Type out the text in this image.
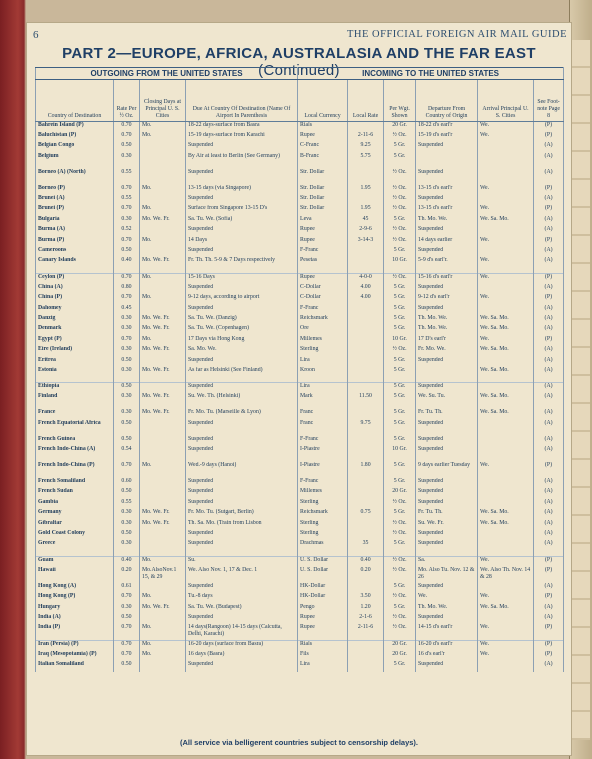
6	THE OFFICIAL FOREIGN AIR MAIL GUIDE
PART 2—EUROPE, AFRICA, AUSTRALASIA AND THE FAR EAST (Continued)
OUTGOING FROM THE UNITED STATES				INCOMING TO THE UNITED STATES					
Country of Destination	Rate Per ½ Oz.	Closing Days at Principal U. S. Cities	Due At Country Of Destination (Name Of Airport In Parenthesis	Local Currency	Local Rate	Per Wgt. Shown	Departure From Country of Origin	Arrival Principal U. S. Cities	See Foot-note Page 8
Bahrein Island (P)	0.70	Mo.	18-22 days-surface from Basra	Rials		20 Gr.	18-22 d's earl'r	We.	(P)
Baluchistan (P)	0.70	Mo.	15-19 days-surface from Karachi	Rupee	2-11-6	½ Oz.	15-19 d's earl'r	We.	(P)
Belgian Congo	0.50		Suspended	C-Franc	9.25	5 Gr.	Suspended		(A)
Belgium	0.30		By Air at least to Berlin (See Germany)	B-Franc	5.75	5 Gr.			(A)
Borneo (A) (North)	0.55		Suspended	Str. Dollar		½ Oz.	Suspended		(A)
Borneo (P)	0.70	Mo.	13-15 days (via Singapore)	Str. Dollar	1.95	½ Oz.	13-15 d's earl'r	We.	(P)
Brunei (A)	0.55		Suspended	Str. Dollar		½ Oz.	Suspended		(A)
Brunei (P)	0.70	Mo.	Surface from Singapore 13-15 D's	Str. Dollar	1.95	½ Oz.	13-15 d's earl'r	We.	(P)
Bulgaria	0.30	Mo. We. Fr.	Sa. Tu. We. (Sofia)	Leva	45	5 Gr.	Th. Mo. We.	We. Sa. Mo.	(A)
Burma (A)	0.52		Suspended	Rupee	2-9-6	½ Oz.	Suspended		(A)
Burma (P)	0.70	Mo.	14 Days	Rupee	3-14-3	½ Oz.	14 days earlier	We.	(P)
Cameroons	0.50		Suspended	F-Franc		5 Gr.	Suspended		(A)
Canary Islands	0.40	Mo. We. Fr.	Fr. Th. Th. 5-9 & 7 Days respectively	Pesetas		10 Gr.	5-9 d's earl'r.	We.	(A)
Ceylon (P)	0.70	Mo.	15-16 Days	Rupee	4-0-0	½ Oz.	15-16 d's earl'r	We.	(P)
China (A)	0.80		Suspended	C-Dollar	4.00	5 Gr.	Suspended		(A)
China (P)	0.70	Mo.	9-12 days, according to airport	C-Dollar	4.00	5 Gr.	9-12 d's earl'r	We.	(P)
Dahomey	0.45		Suspended	F-Franc		5 Gr.	Suspended		(A)
Danzig	0.30	Mo. We. Fr.	Sa. Tu. We. (Danzig)	Reichsmark		5 Gr.	Th. Mo. We.	We. Sa. Mo.	(A)
Denmark	0.30	Mo. We. Fr.	Sa. Tu. We. (Copenhagen)	Ore		5 Gr.	Th. Mo. We.	We. Sa. Mo.	(A)
Egypt (P)	0.70	Mo.	17 Days via Hong Kong	Millemes		10 Gr.	17 D's earl'r	We.	(P)
Eire (Ireland)	0.30	Mo. We. Fr.	Sa. Mo. We.	Sterling		½ Oz.	Fr. Mo. We.	We. Sa. Mo.	(A)
Eritrea	0.50		Suspended	Lira		5 Gr.	Suspended		(A)
Estonia	0.30	Mo. We. Fr.	As far as Helsinki (See Finland)	Kroon		5 Gr.		We. Sa. Mo.	(A)
Ethiopia	0.50		Suspended	Lira		5 Gr.	Suspended		(A)
Finland	0.30	Mo. We. Fr.	Su. We. Th. (Helsinki)	Mark	11.50	5 Gr.	We. Su. Tu.	We. Sa. Mo.	(A)
France	0.30	Mo. We. Fr.	Fr. Mo. Tu. (Marseille & Lyon)	Franc		5 Gr.	Fr. Tu. Th.	We. Sa. Mo.	(A)
French Equatorial Africa	0.50		Suspended	Franc	9.75	5 Gr.	Suspended		(A)
French Guinea	0.50		Suspended	F-Franc		5 Gr.	Suspended		(A)
French Indo-China (A)	0.54		Suspended	I-Piastre		10 Gr.	Suspended		(A)
French Indo-China (P)	0.70	Mo.	Wed.-9 days (Hanoi)	I-Piastre	1.80	5 Gr.	9 days earlier Tuesday	We.	(P)
French Somaliland	0.60		Suspended	F-Franc		5 Gr.	Suspended		(A)
French Sudan	0.50		Suspended	Millemes		20 Gr.	Suspended		(A)
Gambia	0.55		Suspended	Sterling		½ Oz.	Suspended		(A)
Germany	0.30	Mo. We. Fr.	Fr. Mo. Tu. (Sutgart, Berlin)	Reichsmark	0.75	5 Gr.	Fr. Tu. Th.	We. Sa. Mo.	(A)
Gibraltar	0.30	Mo. We. Fr.	Th. Sa. Mo. (Train from Lisbon	Sterling		½ Oz.	Su. We. Fr.	We. Sa. Mo.	(A)
Gold Coast Colony	0.50		Suspended	Sterling		½ Oz.	Suspended		(A)
Greece	0.30		Suspended	Drachmas	35	5 Gr.	Suspended		(A)
Guam	0.40	Mo.	Su.	U. S. Dollar	0.40	½ Oz.	Sa.	We.	(P)
Hawaii	0.20	Mo.AlsoNov.1 15, & 29	We. Also Nov. 1, 17 & Dec. 1	U. S. Dollar	0.20	½ Oz.	Mo. Also Tu. Nov. 12 & 26	We. Also Th. Nov. 14 & 28	(P)
Hong Kong (A)	0.61		Suspended	HK-Dollar		5 Gr.	Suspended		(A)
Hong Kong (P)	0.70	Mo.	Tu.-8 days	HK-Dollar	3.50	½ Oz.	We.	We.	(P)
Hungary	0.30	Mo. We. Fr.	Sa. Tu. We. (Budapest)	Pengo	1.20	5 Gr.	Th. Mo. We.	We. Sa. Mo.	(A)
India (A)	0.50		Suspended	Rupee	2-1-6	½ Oz.	Suspended		(A)
India (P)	0.70	Mo.	14 days(Rangoon) 14-15 days (Calcutta, Delhi, Karachi)	Rupee	2-11-6	½ Oz.	14-15 d's earl'r	We.	(P)
Iran (Persia) (P)	0.70	Mo.	16-20 days (surface from Basra)	Rials		20 Gr.	16-20 d's earl'r	We.	(P)
Iraq (Mesopotamia) (P)	0.70	Mo.	16 days (Basra)	Fils		20 Gr.	16 d's earl'r	We.	(P)
Italian Somaliland	0.50		Suspended	Lira		5 Gr.	Suspended		(A)
(All service via belligerent countries subject to censorship delays).
